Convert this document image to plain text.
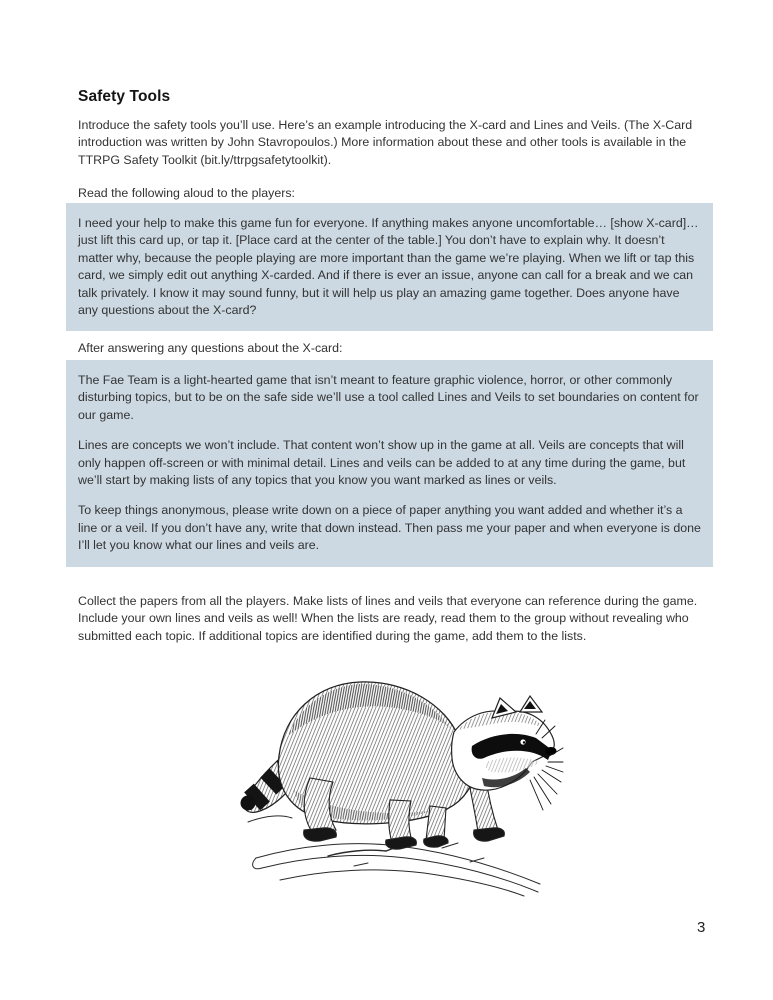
Safety Tools

Introduce the safety tools you’ll use. Here’s an example introducing the X-card and Lines and Veils. (The X-Card introduction was written by John Stavropoulos.) More information about these and other tools is available in the TTRPG Safety Toolkit (bit.ly/ttrpgsafetytoolkit).

Read the following aloud to the players:

I need your help to make this game fun for everyone. If anything makes anyone uncomfortable… [show X-card]… just lift this card up, or tap it. [Place card at the center of the table.] You don’t have to explain why. It doesn’t matter why, because the people playing are more important than the game we’re playing. When we lift or tap this card, we simply edit out anything X-carded. And if there is ever an issue, anyone can call for a break and we can talk privately. I know it may sound funny, but it will help us play an amazing game together. Does anyone have any questions about the X-card?

After answering any questions about the X-card:

The Fae Team is a light-hearted game that isn’t meant to feature graphic violence, horror, or other commonly disturbing topics, but to be on the safe side we’ll use a tool called Lines and Veils to set boundaries on content for our game.

Lines are concepts we won’t include. That content won’t show up in the game at all. Veils are concepts that will only happen off-screen or with minimal detail. Lines and veils can be added to at any time during the game, but we’ll start by making lists of any topics that you know you want marked as lines or veils.

To keep things anonymous, please write down on a piece of paper anything you want added and whether it’s a line or a veil. If you don’t have any, write that down instead. Then pass me your paper and when everyone is done I’ll let you know what our lines and veils are.

Collect the papers from all the players. Make lists of lines and veils that everyone can reference during the game. Include your own lines and veils as well! When the lists are ready, read them to the group without revealing who submitted each topic. If additional topics are identified during the game, add them to the lists.

3
